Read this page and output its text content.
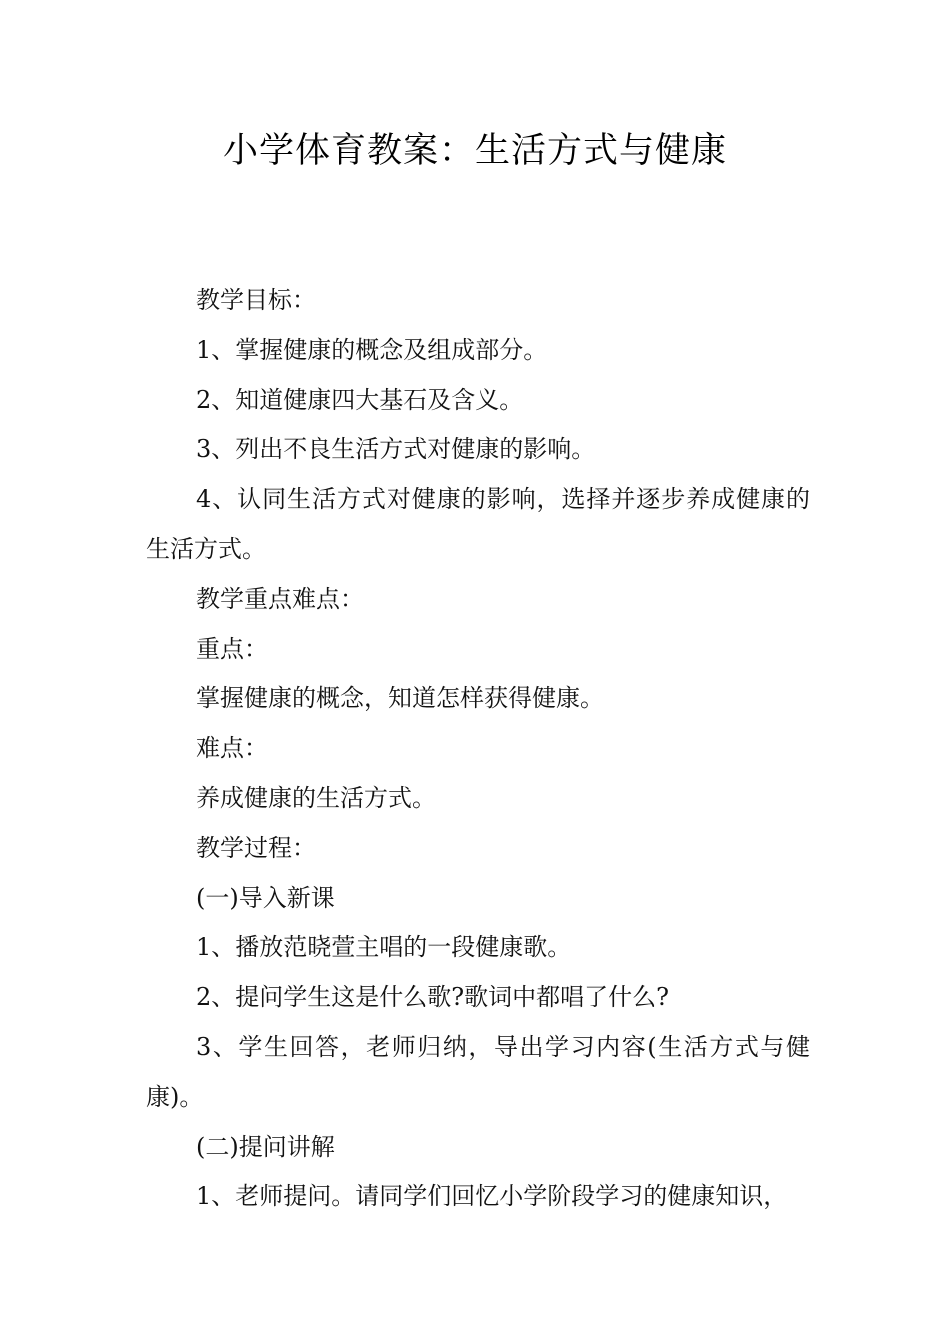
小学体育教案：生活方式与健康

教学目标：

1、掌握健康的概念及组成部分。

2、知道健康四大基石及含义。

3、列出不良生活方式对健康的影响。

4、认同生活方式对健康的影响，选择并逐步养成健康的生活方式。

教学重点难点：

重点：

掌握健康的概念，知道怎样获得健康。

难点：

养成健康的生活方式。

教学过程：

(一)导入新课

1、播放范晓萱主唱的一段健康歌。

2、提问学生这是什么歌?歌词中都唱了什么?

3、学生回答，老师归纳，导出学习内容(生活方式与健康)。

(二)提问讲解

1、老师提问。请同学们回忆小学阶段学习的健康知识，
